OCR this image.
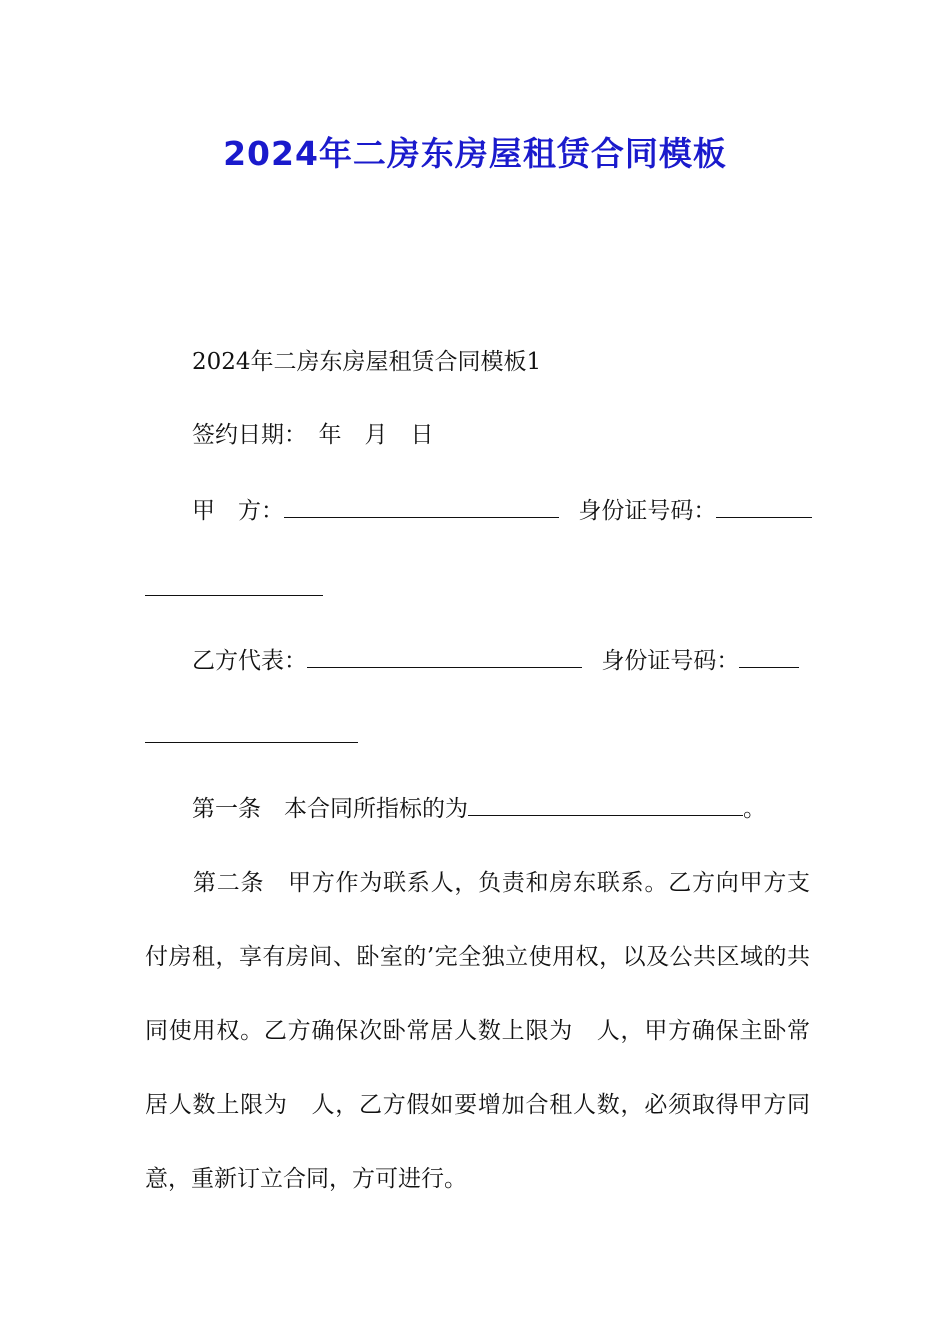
2024年二房东房屋租赁合同模板
2024年二房东房屋租赁合同模板1
签约日期：　年　月　日
甲　方：	身份证号码：
乙方代表：	身份证号码：
第一条　本合同所指标的为	。
第二条　甲方作为联系人，负责和房东联系。乙方向甲方支付房租，享有房间、卧室的’完全独立使用权，以及公共区域的共同使用权。乙方确保次卧常居人数上限为　人，甲方确保主卧常居人数上限为　人，乙方假如要增加合租人数，必须取得甲方同意，重新订立合同，方可进行。
